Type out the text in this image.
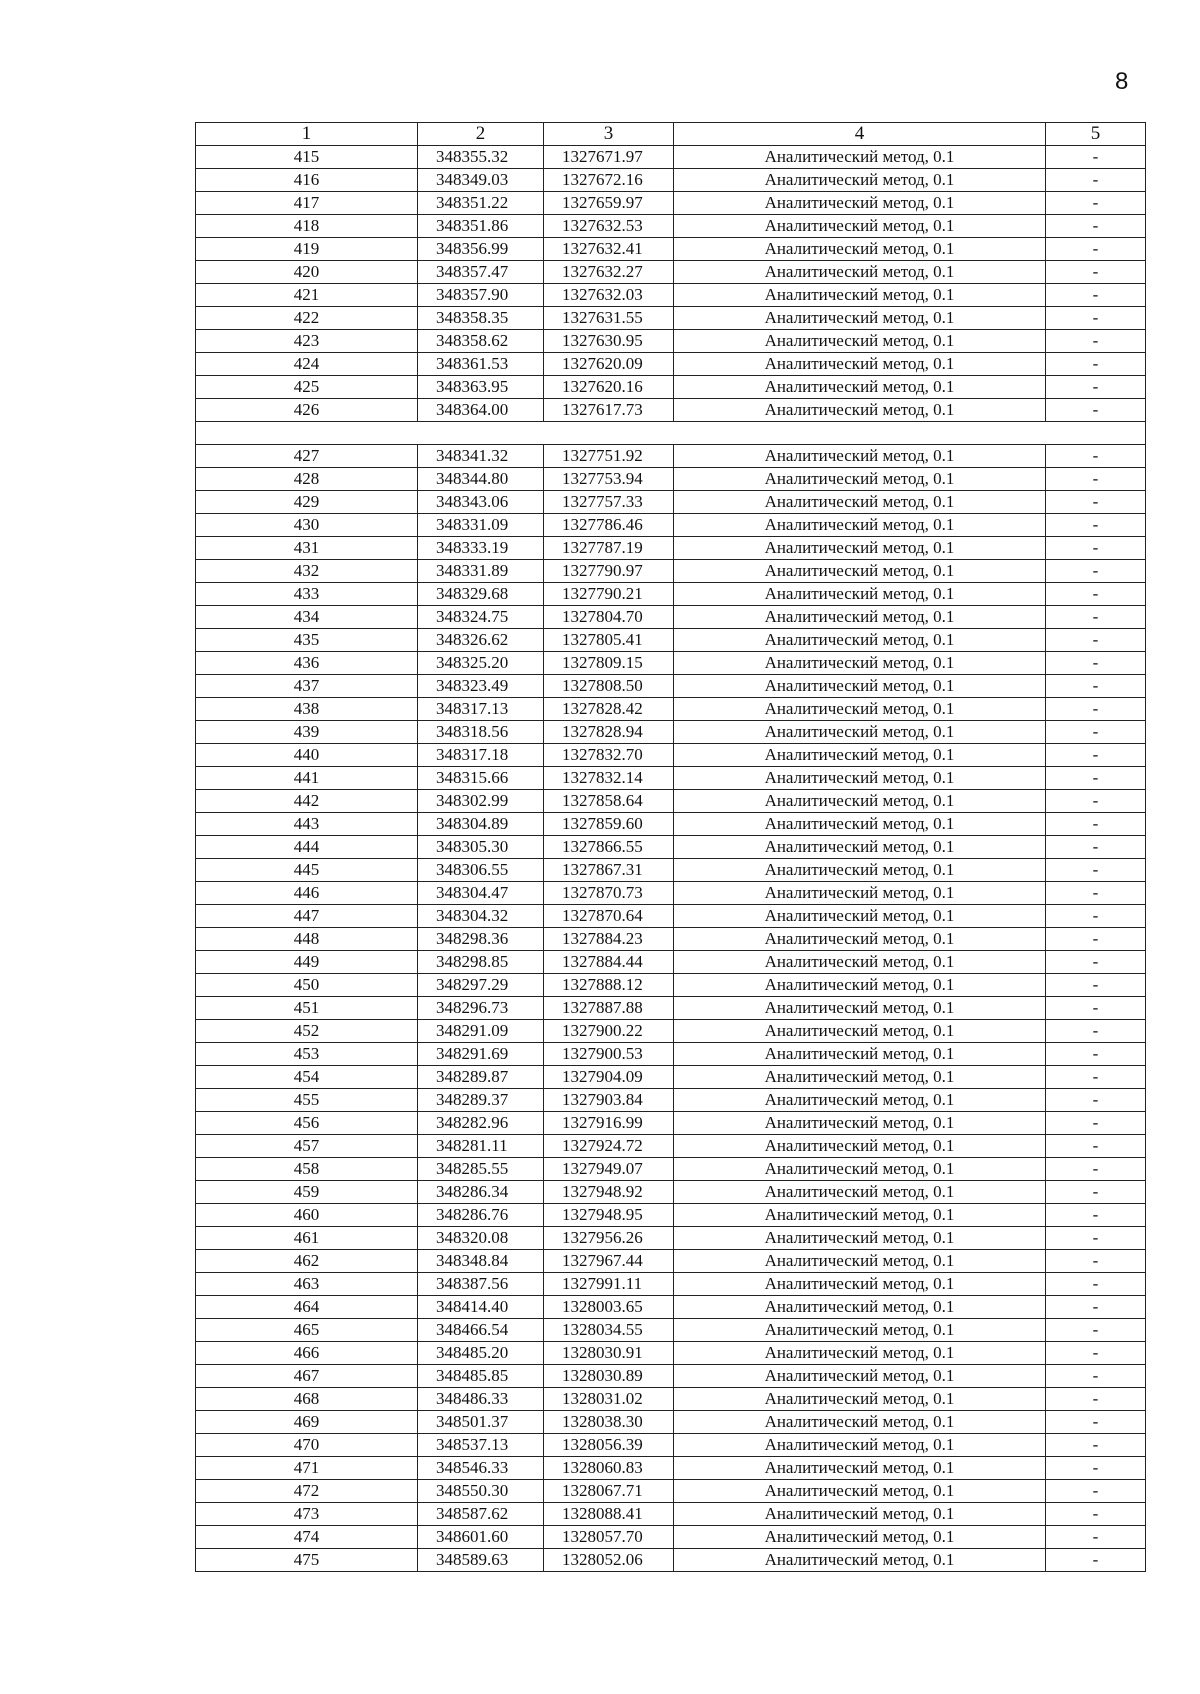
8
1	2	3	4	5
415	348355.32	1327671.97	Аналитический метод, 0.1	-
416	348349.03	1327672.16	Аналитический метод, 0.1	-
417	348351.22	1327659.97	Аналитический метод, 0.1	-
418	348351.86	1327632.53	Аналитический метод, 0.1	-
419	348356.99	1327632.41	Аналитический метод, 0.1	-
420	348357.47	1327632.27	Аналитический метод, 0.1	-
421	348357.90	1327632.03	Аналитический метод, 0.1	-
422	348358.35	1327631.55	Аналитический метод, 0.1	-
423	348358.62	1327630.95	Аналитический метод, 0.1	-
424	348361.53	1327620.09	Аналитический метод, 0.1	-
425	348363.95	1327620.16	Аналитический метод, 0.1	-
426	348364.00	1327617.73	Аналитический метод, 0.1	-

427	348341.32	1327751.92	Аналитический метод, 0.1	-
428	348344.80	1327753.94	Аналитический метод, 0.1	-
429	348343.06	1327757.33	Аналитический метод, 0.1	-
430	348331.09	1327786.46	Аналитический метод, 0.1	-
431	348333.19	1327787.19	Аналитический метод, 0.1	-
432	348331.89	1327790.97	Аналитический метод, 0.1	-
433	348329.68	1327790.21	Аналитический метод, 0.1	-
434	348324.75	1327804.70	Аналитический метод, 0.1	-
435	348326.62	1327805.41	Аналитический метод, 0.1	-
436	348325.20	1327809.15	Аналитический метод, 0.1	-
437	348323.49	1327808.50	Аналитический метод, 0.1	-
438	348317.13	1327828.42	Аналитический метод, 0.1	-
439	348318.56	1327828.94	Аналитический метод, 0.1	-
440	348317.18	1327832.70	Аналитический метод, 0.1	-
441	348315.66	1327832.14	Аналитический метод, 0.1	-
442	348302.99	1327858.64	Аналитический метод, 0.1	-
443	348304.89	1327859.60	Аналитический метод, 0.1	-
444	348305.30	1327866.55	Аналитический метод, 0.1	-
445	348306.55	1327867.31	Аналитический метод, 0.1	-
446	348304.47	1327870.73	Аналитический метод, 0.1	-
447	348304.32	1327870.64	Аналитический метод, 0.1	-
448	348298.36	1327884.23	Аналитический метод, 0.1	-
449	348298.85	1327884.44	Аналитический метод, 0.1	-
450	348297.29	1327888.12	Аналитический метод, 0.1	-
451	348296.73	1327887.88	Аналитический метод, 0.1	-
452	348291.09	1327900.22	Аналитический метод, 0.1	-
453	348291.69	1327900.53	Аналитический метод, 0.1	-
454	348289.87	1327904.09	Аналитический метод, 0.1	-
455	348289.37	1327903.84	Аналитический метод, 0.1	-
456	348282.96	1327916.99	Аналитический метод, 0.1	-
457	348281.11	1327924.72	Аналитический метод, 0.1	-
458	348285.55	1327949.07	Аналитический метод, 0.1	-
459	348286.34	1327948.92	Аналитический метод, 0.1	-
460	348286.76	1327948.95	Аналитический метод, 0.1	-
461	348320.08	1327956.26	Аналитический метод, 0.1	-
462	348348.84	1327967.44	Аналитический метод, 0.1	-
463	348387.56	1327991.11	Аналитический метод, 0.1	-
464	348414.40	1328003.65	Аналитический метод, 0.1	-
465	348466.54	1328034.55	Аналитический метод, 0.1	-
466	348485.20	1328030.91	Аналитический метод, 0.1	-
467	348485.85	1328030.89	Аналитический метод, 0.1	-
468	348486.33	1328031.02	Аналитический метод, 0.1	-
469	348501.37	1328038.30	Аналитический метод, 0.1	-
470	348537.13	1328056.39	Аналитический метод, 0.1	-
471	348546.33	1328060.83	Аналитический метод, 0.1	-
472	348550.30	1328067.71	Аналитический метод, 0.1	-
473	348587.62	1328088.41	Аналитический метод, 0.1	-
474	348601.60	1328057.70	Аналитический метод, 0.1	-
475	348589.63	1328052.06	Аналитический метод, 0.1	-
